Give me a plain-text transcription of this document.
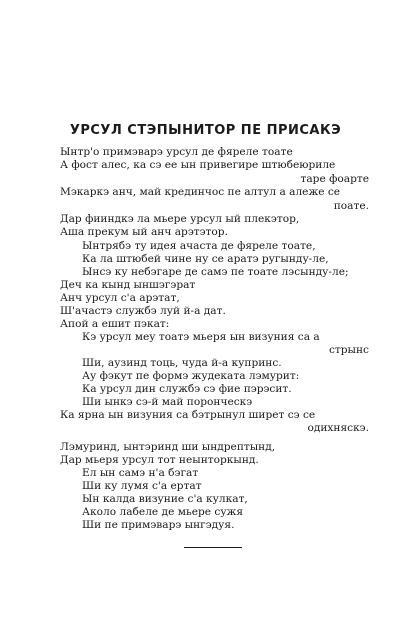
УРСУЛ СТЭПЫНИТОР ПЕ ПРИСАКЭ
Ынтр'о примэварэ урсул де фяреле тоате
А фост алес, ка сэ ее ын привегире штюбеюриле
тарe фоарте
Мэкаркэ анч, май крединчос пе алтул а алеже се
поате.
Дар фииндкэ ла мьере урсул ый плекэтор,
Аша прекум ый анч арэтэтор.
Ынтрябэ ту идея ачаста де фяреле тоате,
Ка ла штюбей чине ну се аратэ ругынду-ле,
Ынсэ ку небэгаре де самэ пе тоате лэсынду-ле;
Деч ка кынд ыншэгэрат
Анч урсул с'а арэтат,
Ш'ачастэ службэ луй й-а дат.
Апой а ешит пэкат:
Кэ урсул меу тоатэ мьеря ын визуния са а
стрынс
Ши, аузинд тоць, чуда й-а купринс.
Ау фэкут пе формэ жудеката лэмурит:
Ка урсул дин службэ сэ фие пэрэсит.
Ши ынкэ сэ-й май поронческэ
Ка ярна ын визуния са бэтрынул ширет сэ се
одихняскэ.
Лэмуринд, ынтэринд ши ындрептынд,
Дар мьеря урсул тот неынторкынд.
Ел ын самэ н'а бэгат
Ши ку лумя с'а ертат
Ын калда визуние с'а кулкат,
Аколо лабеле де мьере сужя
Ши пе примэварэ ынгэдуя.
